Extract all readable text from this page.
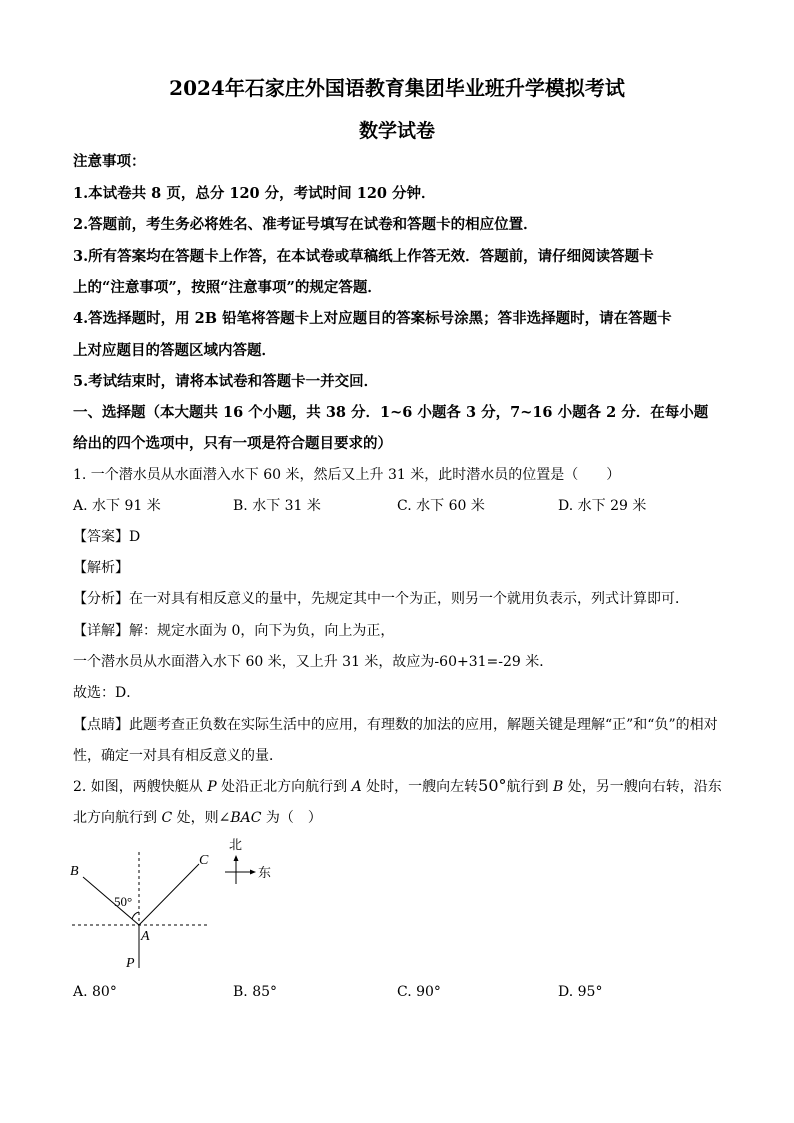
2024年石家庄外国语教育集团毕业班升学模拟考试
数学试卷
注意事项：
1.本试卷共 8 页，总分 120 分，考试时间 120 分钟．
2.答题前，考生务必将姓名、准考证号填写在试卷和答题卡的相应位置．
3.所有答案均在答题卡上作答，在本试卷或草稿纸上作答无效．答题前，请仔细阅读答题卡
上的“注意事项”，按照“注意事项”的规定答题．
4.答选择题时，用 2B 铅笔将答题卡上对应题目的答案标号涂黑；答非选择题时，请在答题卡
上对应题目的答题区域内答题．
5.考试结束时，请将本试卷和答题卡一并交回．
一、选择题（本大题共 16 个小题，共 38 分．1~6 小题各 3 分，7~16 小题各 2 分．在每小题
给出的四个选项中，只有一项是符合题目要求的）
1. 一个潜水员从水面潜入水下 60 米，然后又上升 31 米，此时潜水员的位置是（　　）
A. 水下 91 米	B. 水下 31 米	C. 水下 60 米	D. 水下 29 米
【答案】D
【解析】
【分析】在一对具有相反意义的量中，先规定其中一个为正，则另一个就用负表示，列式计算即可．
【详解】解：规定水面为 0，向下为负，向上为正，
一个潜水员从水面潜入水下 60 米，又上升 31 米，故应为-60+31=-29 米．
故选：D．
【点睛】此题考查正负数在实际生活中的应用，有理数的加法的应用，解题关键是理解“正”和“负”的相对
性，确定一对具有相反意义的量．
2. 如图，两艘快艇从 P 处沿正北方向航行到 A 处时，一艘向左转50°航行到 B 处，另一艘向右转，沿东
北方向航行到 C 处，则∠BAC 为（　）
B
C
A
P
50°
北
东
A. 80°	B. 85°	C. 90°	D. 95°
